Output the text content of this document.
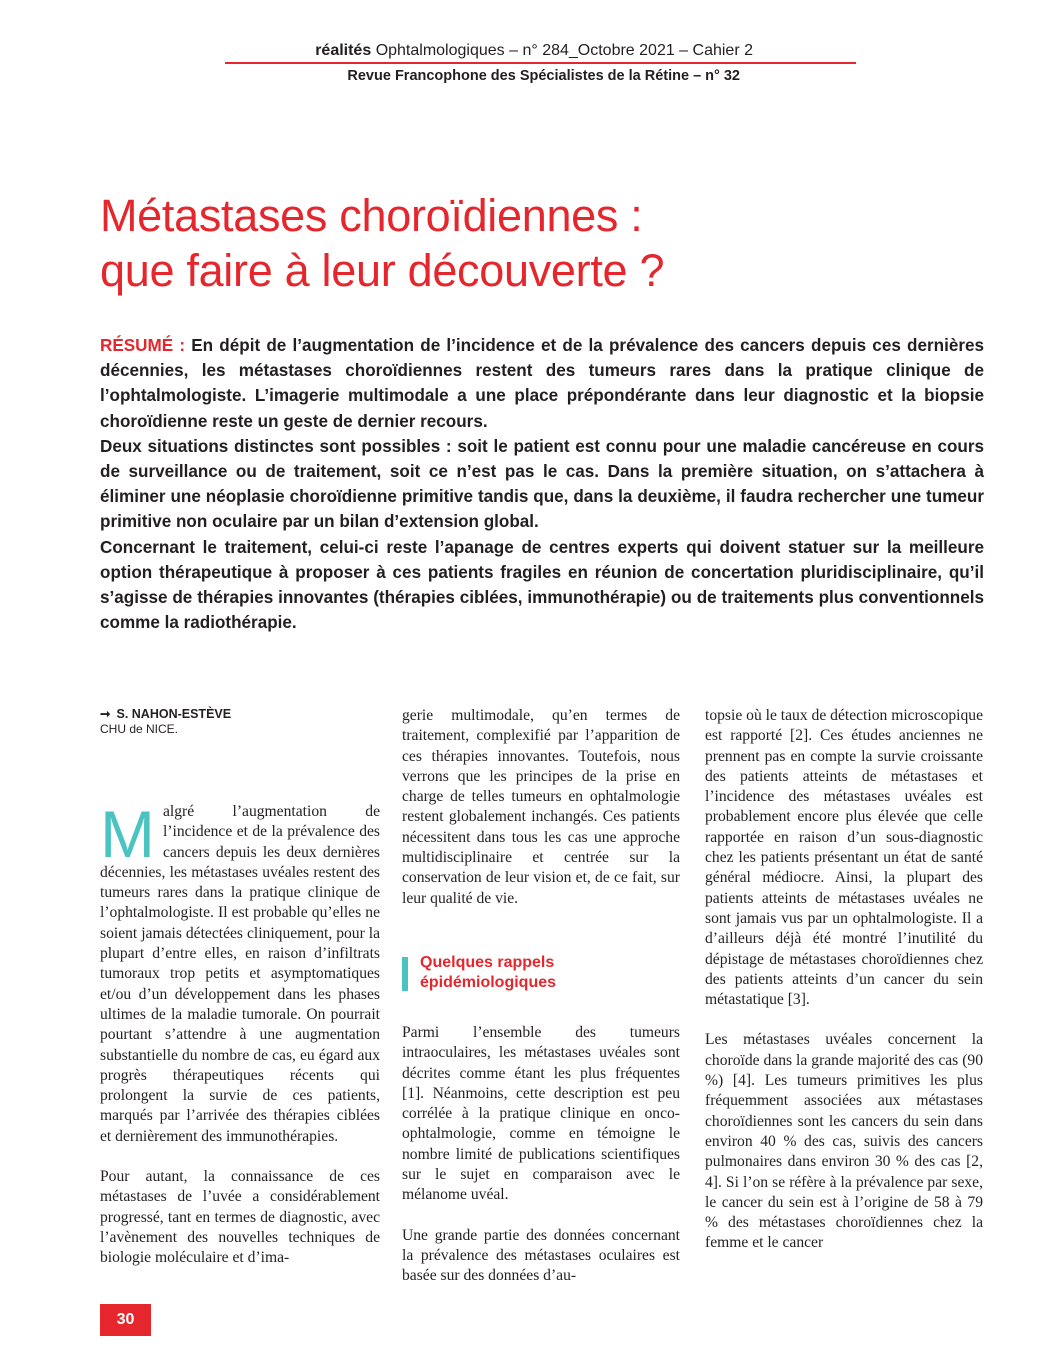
réalités Ophtalmologiques – n° 284_Octobre 2021 – Cahier 2
Revue Francophone des Spécialistes de la Rétine – n° 32
Métastases choroïdiennes :
que faire à leur découverte ?

RÉSUMÉ : En dépit de l’augmentation de l’incidence et de la prévalence des cancers depuis ces dernières décennies, les métastases choroïdiennes restent des tumeurs rares dans la pratique clinique de l’ophtalmologiste. L’imagerie multimodale a une place prépondérante dans leur diagnostic et la biopsie choroïdienne reste un geste de dernier recours.

Deux situations distinctes sont possibles : soit le patient est connu pour une maladie cancéreuse en cours de surveillance ou de traitement, soit ce n’est pas le cas. Dans la première situation, on s’attachera à éliminer une néoplasie choroïdienne primitive tandis que, dans la deuxième, il faudra rechercher une tumeur primitive non oculaire par un bilan d’extension global.

Concernant le traitement, celui-ci reste l’apanage de centres experts qui doivent statuer sur la meilleure option thérapeutique à proposer à ces patients fragiles en réunion de concertation pluridisciplinaire, qu’il s’agisse de thérapies innovantes (thérapies ciblées, immunothérapie) ou de traitements plus conventionnels comme la radiothérapie.

➞ S. NAHON-ESTÈVE
CHU de NICE.

Malgré l’augmentation de l’incidence et de la prévalence des cancers depuis les deux dernières décennies, les métastases uvéales restent des tumeurs rares dans la pratique clinique de l’ophtalmologiste. Il est probable qu’elles ne soient jamais détectées cliniquement, pour la plupart d’entre elles, en raison d’infiltrats tumoraux trop petits et asymptomatiques et/ou d’un développement dans les phases ultimes de la maladie tumorale. On pourrait pourtant s’attendre à une augmentation substantielle du nombre de cas, eu égard aux progrès thérapeutiques récents qui prolongent la survie de ces patients, marqués par l’arrivée des thérapies ciblées et dernièrement des immunothérapies.

Pour autant, la connaissance de ces métastases de l’uvée a considérablement progressé, tant en termes de diagnostic, avec l’avènement des nouvelles techniques de biologie moléculaire et d’ima-

gerie multimodale, qu’en termes de traitement, complexifié par l’apparition de ces thérapies innovantes. Toutefois, nous verrons que les principes de la prise en charge de telles tumeurs en ophtalmologie restent globalement inchangés. Ces patients nécessitent dans tous les cas une approche multidisciplinaire et centrée sur la conservation de leur vision et, de ce fait, sur leur qualité de vie.

Quelques rappels
épidémiologiques

Parmi l’ensemble des tumeurs intraoculaires, les métastases uvéales sont décrites comme étant les plus fréquentes [1]. Néanmoins, cette description est peu corrélée à la pratique clinique en onco-ophtalmologie, comme en témoigne le nombre limité de publications scientifiques sur le sujet en comparaison avec le mélanome uvéal.

Une grande partie des données concernant la prévalence des métastases oculaires est basée sur des données d’au-

topsie où le taux de détection microscopique est rapporté [2]. Ces études anciennes ne prennent pas en compte la survie croissante des patients atteints de métastases et l’incidence des métastases uvéales est probablement encore plus élevée que celle rapportée en raison d’un sous-diagnostic chez les patients présentant un état de santé général médiocre. Ainsi, la plupart des patients atteints de métastases uvéales ne sont jamais vus par un ophtalmologiste. Il a d’ailleurs déjà été montré l’inutilité du dépistage de métastases choroïdiennes chez des patients atteints d’un cancer du sein métastatique [3].

Les métastases uvéales concernent la choroïde dans la grande majorité des cas (90 %) [4]. Les tumeurs primitives les plus fréquemment associées aux métastases choroïdiennes sont les cancers du sein dans environ 40 % des cas, suivis des cancers pulmonaires dans environ 30 % des cas [2, 4]. Si l’on se réfère à la prévalence par sexe, le cancer du sein est à l’origine de 58 à 79 % des métastases choroïdiennes chez la femme et le cancer

30
